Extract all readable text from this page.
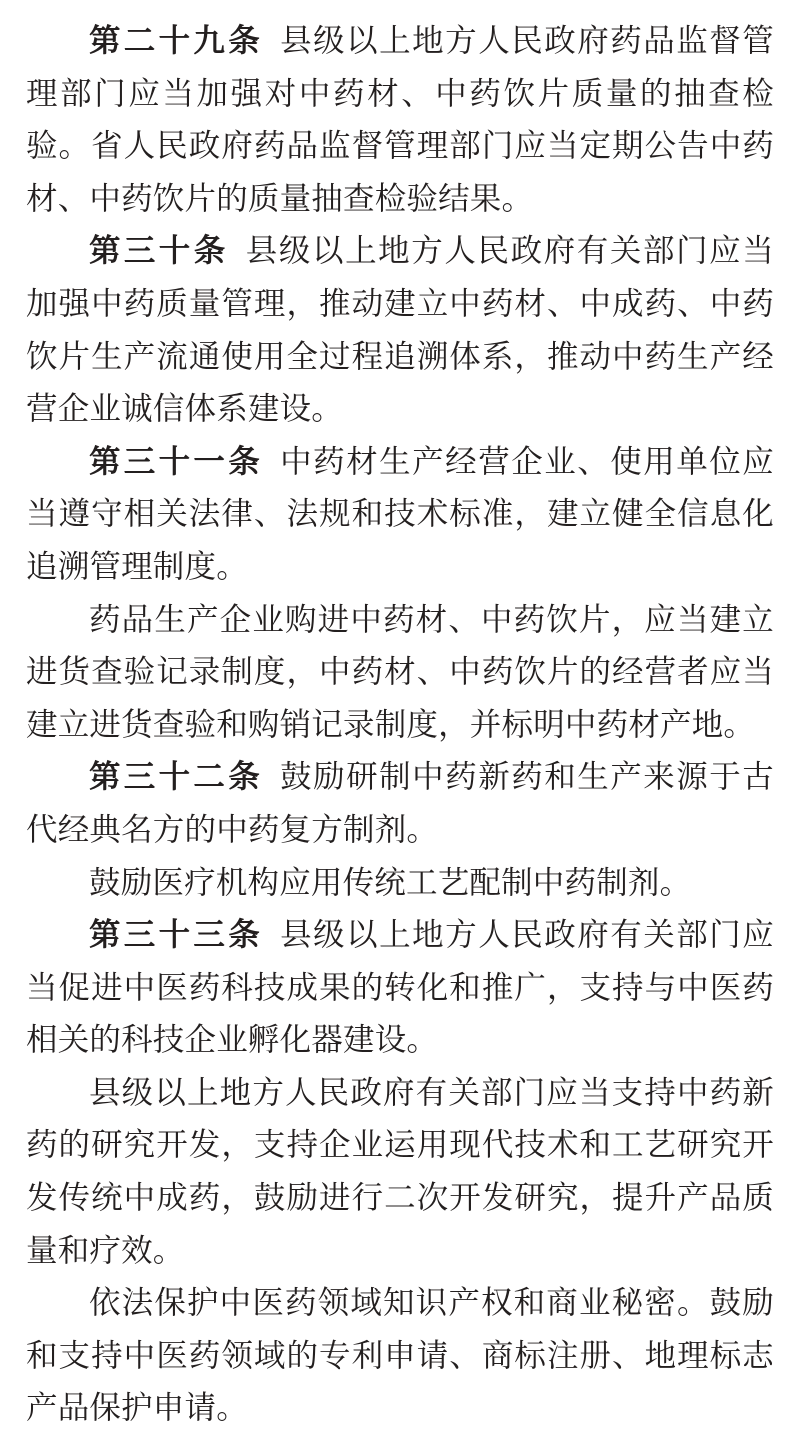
第二十九条 县级以上地方人民政府药品监督管理部门应当加强对中药材、中药饮片质量的抽查检验。省人民政府药品监督管理部门应当定期公告中药材、中药饮片的质量抽查检验结果。

第三十条 县级以上地方人民政府有关部门应当加强中药质量管理，推动建立中药材、中成药、中药饮片生产流通使用全过程追溯体系，推动中药生产经营企业诚信体系建设。

第三十一条 中药材生产经营企业、使用单位应当遵守相关法律、法规和技术标准，建立健全信息化追溯管理制度。

药品生产企业购进中药材、中药饮片，应当建立进货查验记录制度，中药材、中药饮片的经营者应当建立进货查验和购销记录制度，并标明中药材产地。

第三十二条 鼓励研制中药新药和生产来源于古代经典名方的中药复方制剂。

鼓励医疗机构应用传统工艺配制中药制剂。

第三十三条 县级以上地方人民政府有关部门应当促进中医药科技成果的转化和推广，支持与中医药相关的科技企业孵化器建设。

县级以上地方人民政府有关部门应当支持中药新药的研究开发，支持企业运用现代技术和工艺研究开发传统中成药，鼓励进行二次开发研究，提升产品质量和疗效。

依法保护中医药领域知识产权和商业秘密。鼓励和支持中医药领域的专利申请、商标注册、地理标志产品保护申请。
